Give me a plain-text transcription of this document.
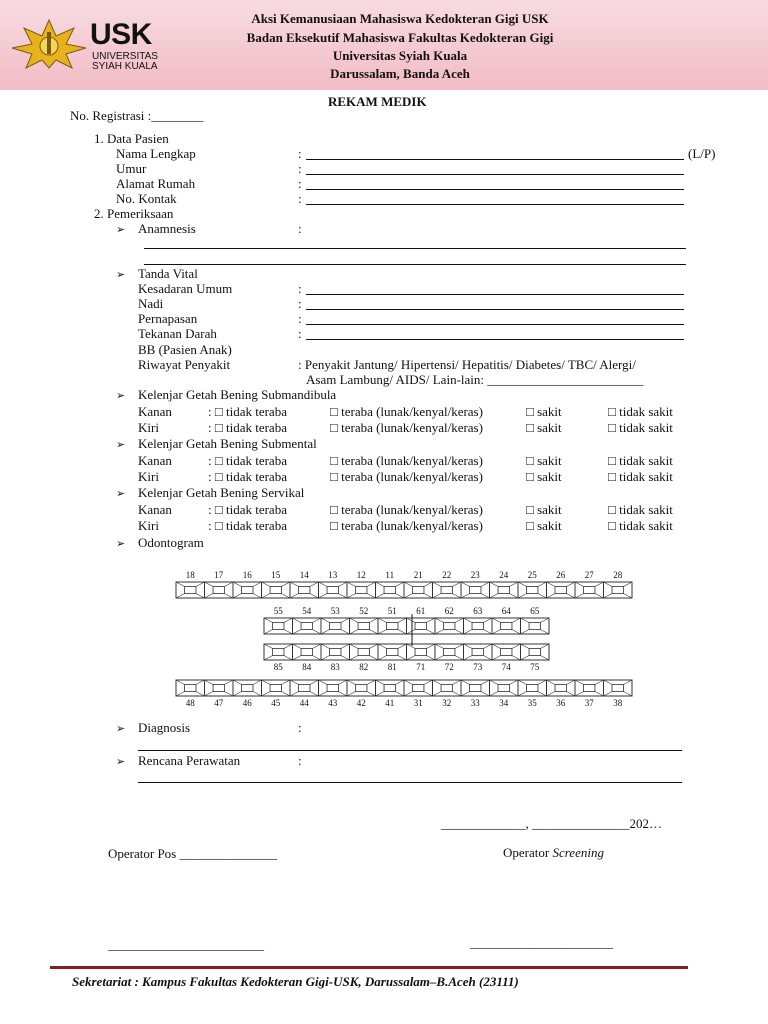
USK
UNIVERSITAS
SYIAH KUALA
Aksi Kemanusiaan Mahasiswa Kedokteran Gigi USK
Badan Eksekutif Mahasiswa Fakultas Kedokteran Gigi
Universitas Syiah Kuala
Darussalam, Banda Aceh
REKAM MEDIK
No. Registrasi :________
1. Data Pasien
Nama Lengkap	:	(L/P)
Umur	:
Alamat Rumah	:
No. Kontak	:
2. Pemeriksaan
➢ Anamnesis	:
➢ Tanda Vital
Kesadaran Umum	:
Nadi	:
Pernapasan	:
Tekanan Darah	:
BB (Pasien Anak)
Riwayat Penyakit	: Penyakit Jantung/ Hipertensi/ Hepatitis/ Diabetes/ TBC/ Alergi/
Asam Lambung/ AIDS/ Lain-lain: ________________________
➢ Kelenjar Getah Bening Submandibula
Kanan	: □ tidak teraba	□ teraba (lunak/kenyal/keras)	□ sakit	□ tidak sakit
Kiri	: □ tidak teraba	□ teraba (lunak/kenyal/keras)	□ sakit	□ tidak sakit
➢ Kelenjar Getah Bening Submental
Kanan	: □ tidak teraba	□ teraba (lunak/kenyal/keras)	□ sakit	□ tidak sakit
Kiri	: □ tidak teraba	□ teraba (lunak/kenyal/keras)	□ sakit	□ tidak sakit
➢ Kelenjar Getah Bening Servikal
Kanan	: □ tidak teraba	□ teraba (lunak/kenyal/keras)	□ sakit	□ tidak sakit
Kiri	: □ tidak teraba	□ teraba (lunak/kenyal/keras)	□ sakit	□ tidak sakit
➢ Odontogram
18 17 16 15 14 13 12 11 21 22 23 24 25 26 27 28
55 54 53 52 51 61 62 63 64 65
85 84 83 82 81 71 72 73 74 75
48 47 46 45 44 43 42 41 31 32 33 34 35 36 37 38
➢ Diagnosis	:
➢ Rencana Perawatan	:
_____________, _______________202…
Operator Pos _______________	Operator Screening
________________________	______________________
Sekretariat : Kampus Fakultas Kedokteran Gigi-USK, Darussalam–B.Aceh (23111)
